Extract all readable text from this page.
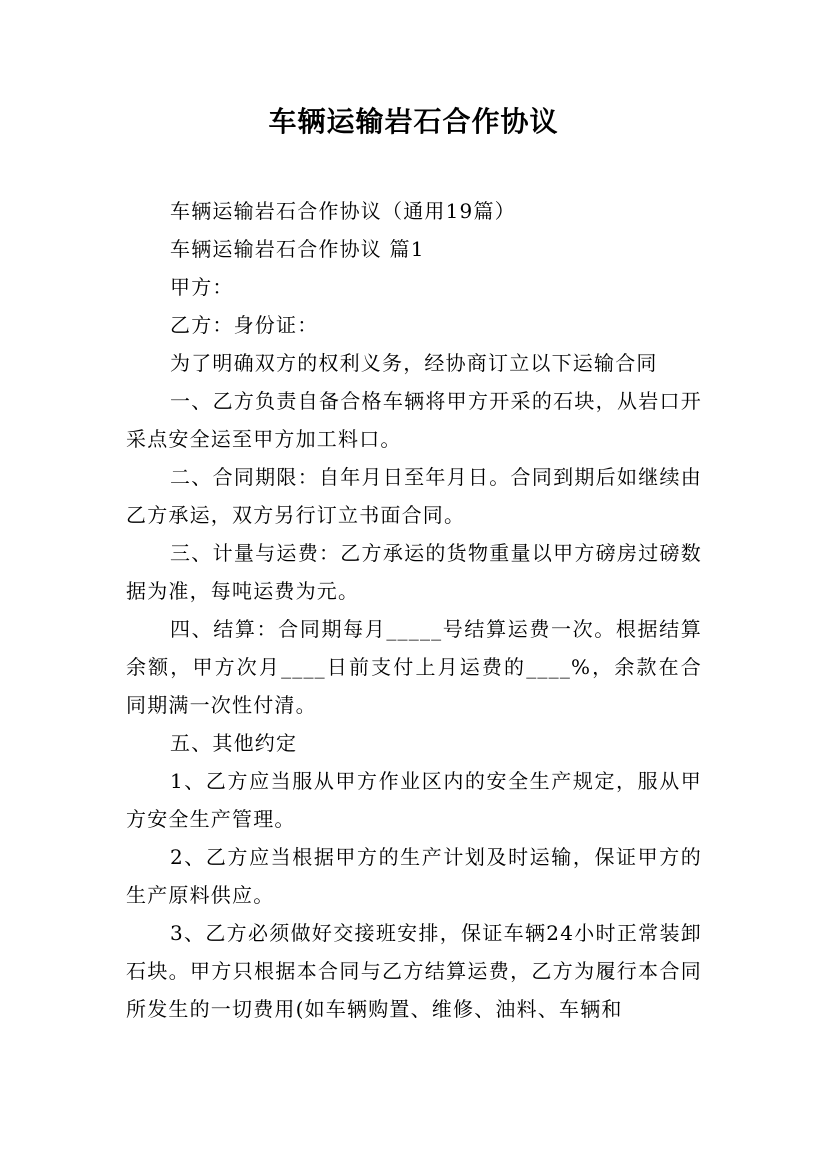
车辆运输岩石合作协议

车辆运输岩石合作协议（通用19篇）

车辆运输岩石合作协议 篇1

甲方：

乙方：身份证：

为了明确双方的权利义务，经协商订立以下运输合同

一、乙方负责自备合格车辆将甲方开采的石块，从岩口开采点安全运至甲方加工料口。

二、合同期限：自年月日至年月日。合同到期后如继续由乙方承运，双方另行订立书面合同。

三、计量与运费：乙方承运的货物重量以甲方磅房过磅数据为准，每吨运费为元。

四、结算：合同期每月_____号结算运费一次。根据结算余额，甲方次月____日前支付上月运费的____%，余款在合同期满一次性付清。

五、其他约定

1、乙方应当服从甲方作业区内的安全生产规定，服从甲方安全生产管理。

2、乙方应当根据甲方的生产计划及时运输，保证甲方的生产原料供应。

3、乙方必须做好交接班安排，保证车辆24小时正常装卸石块。甲方只根据本合同与乙方结算运费，乙方为履行本合同所发生的一切费用(如车辆购置、维修、油料、车辆和
